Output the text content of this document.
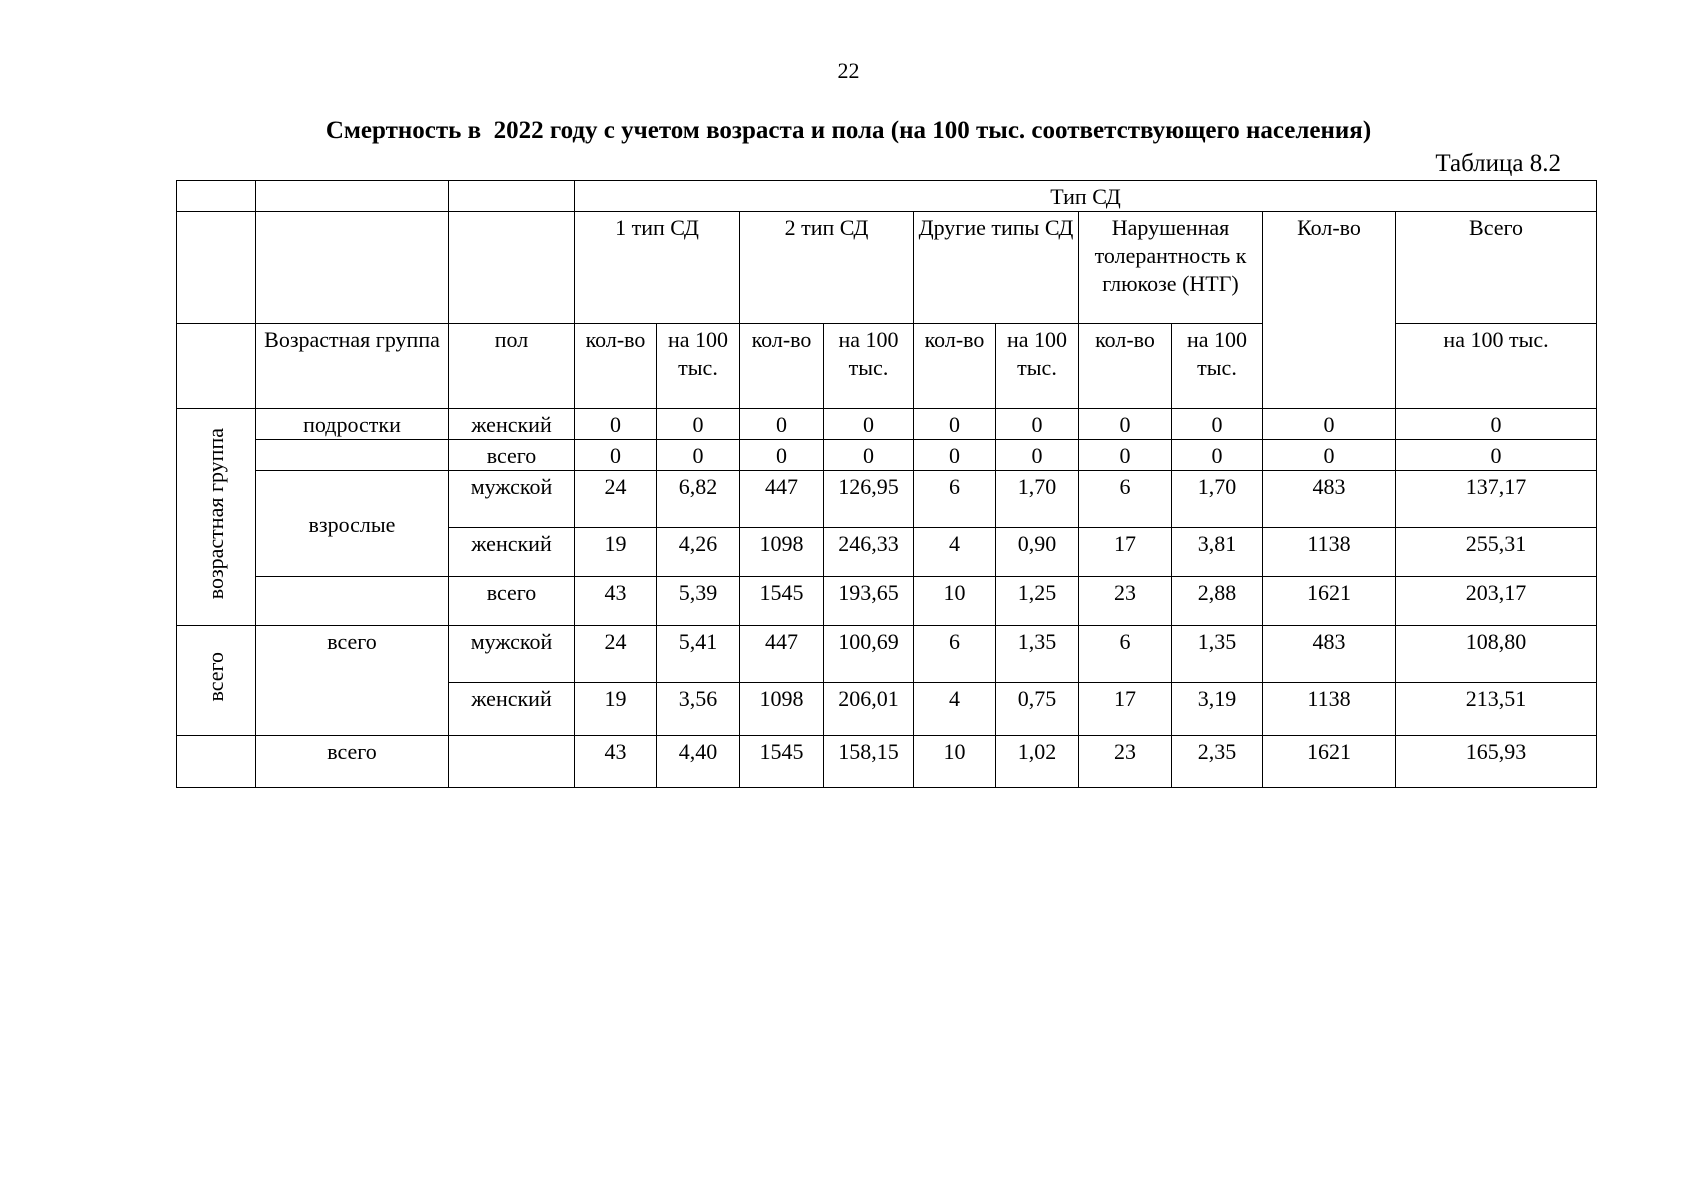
22
Смертность в  2022 году с учетом возраста и пола (на 100 тыс. соответствующего населения)
Таблица 8.2
			Тип СД									
			1 тип СД		2 тип СД		Другие типы СД		Нарушенная толерантность к глюкозе (НТГ)		Кол-во	Всего
	Возрастная группа	пол	кол-во	на 100 тыс.	кол-во	на 100 тыс.	кол-во	на 100 тыс.	кол-во	на 100 тыс.		на 100 тыс.
возрастная группа	подростки	женский	0	0	0	0	0	0	0	0	0	0
		всего	0	0	0	0	0	0	0	0	0	0
	взрослые	мужской	24	6,82	447	126,95	6	1,70	6	1,70	483	137,17
		женский	19	4,26	1098	246,33	4	0,90	17	3,81	1138	255,31
		всего	43	5,39	1545	193,65	10	1,25	23	2,88	1621	203,17
всего	всего	мужской	24	5,41	447	100,69	6	1,35	6	1,35	483	108,80
		женский	19	3,56	1098	206,01	4	0,75	17	3,19	1138	213,51
	всего		43	4,40	1545	158,15	10	1,02	23	2,35	1621	165,93
